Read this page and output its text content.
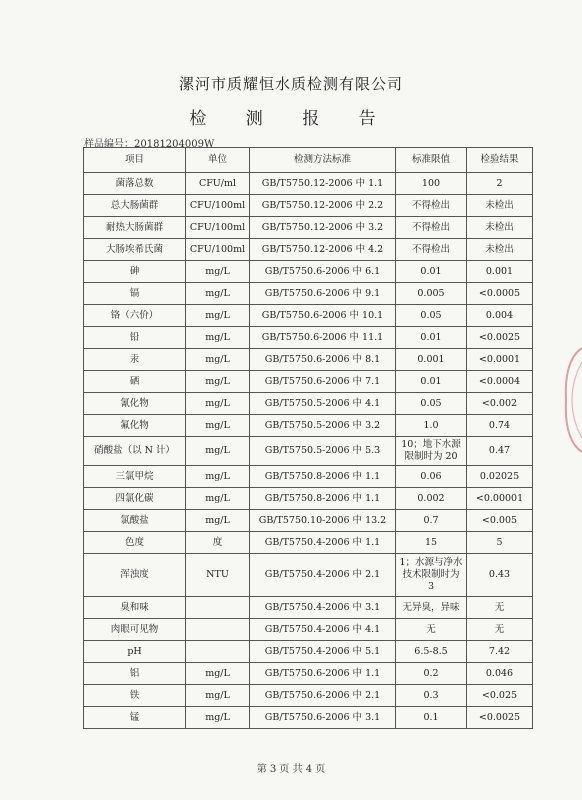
漯河市质耀恒水质检测有限公司
检 测 报 告
样品编号：20181204009W
项目	单位	检测方法标准	标准限值	检验结果
菌落总数	CFU/ml	GB/T5750.12-2006 中 1.1	100	2
总大肠菌群	CFU/100ml	GB/T5750.12-2006 中 2.2	不得检出	未检出
耐热大肠菌群	CFU/100ml	GB/T5750.12-2006 中 3.2	不得检出	未检出
大肠埃希氏菌	CFU/100ml	GB/T5750.12-2006 中 4.2	不得检出	未检出
砷	mg/L	GB/T5750.6-2006 中 6.1	0.01	0.001
镉	mg/L	GB/T5750.6-2006 中 9.1	0.005	<0.0005
铬（六价）	mg/L	GB/T5750.6-2006 中 10.1	0.05	0.004
铅	mg/L	GB/T5750.6-2006 中 11.1	0.01	<0.0025
汞	mg/L	GB/T5750.6-2006 中 8.1	0.001	<0.0001
硒	mg/L	GB/T5750.6-2006 中 7.1	0.01	<0.0004
氰化物	mg/L	GB/T5750.5-2006 中 4.1	0.05	<0.002
氟化物	mg/L	GB/T5750.5-2006 中 3.2	1.0	0.74
硝酸盐（以 N 计）	mg/L	GB/T5750.5-2006 中 5.3	10；地下水源限制时为 20	0.47
三氯甲烷	mg/L	GB/T5750.8-2006 中 1.1	0.06	0.02025
四氯化碳	mg/L	GB/T5750.8-2006 中 1.1	0.002	<0.00001
氯酸盐	mg/L	GB/T5750.10-2006 中 13.2	0.7	<0.005
色度	度	GB/T5750.4-2006 中 1.1	15	5
浑浊度	NTU	GB/T5750.4-2006 中 2.1	1；水源与净水技术限制时为 3	0.43
臭和味		GB/T5750.4-2006 中 3.1	无异臭，异味	无
肉眼可见物		GB/T5750.4-2006 中 4.1	无	无
pH		GB/T5750.4-2006 中 5.1	6.5-8.5	7.42
铝	mg/L	GB/T5750.6-2006 中 1.1	0.2	0.046
铁	mg/L	GB/T5750.6-2006 中 2.1	0.3	<0.025
锰	mg/L	GB/T5750.6-2006 中 3.1	0.1	<0.0025
第 3 页 共 4 页
